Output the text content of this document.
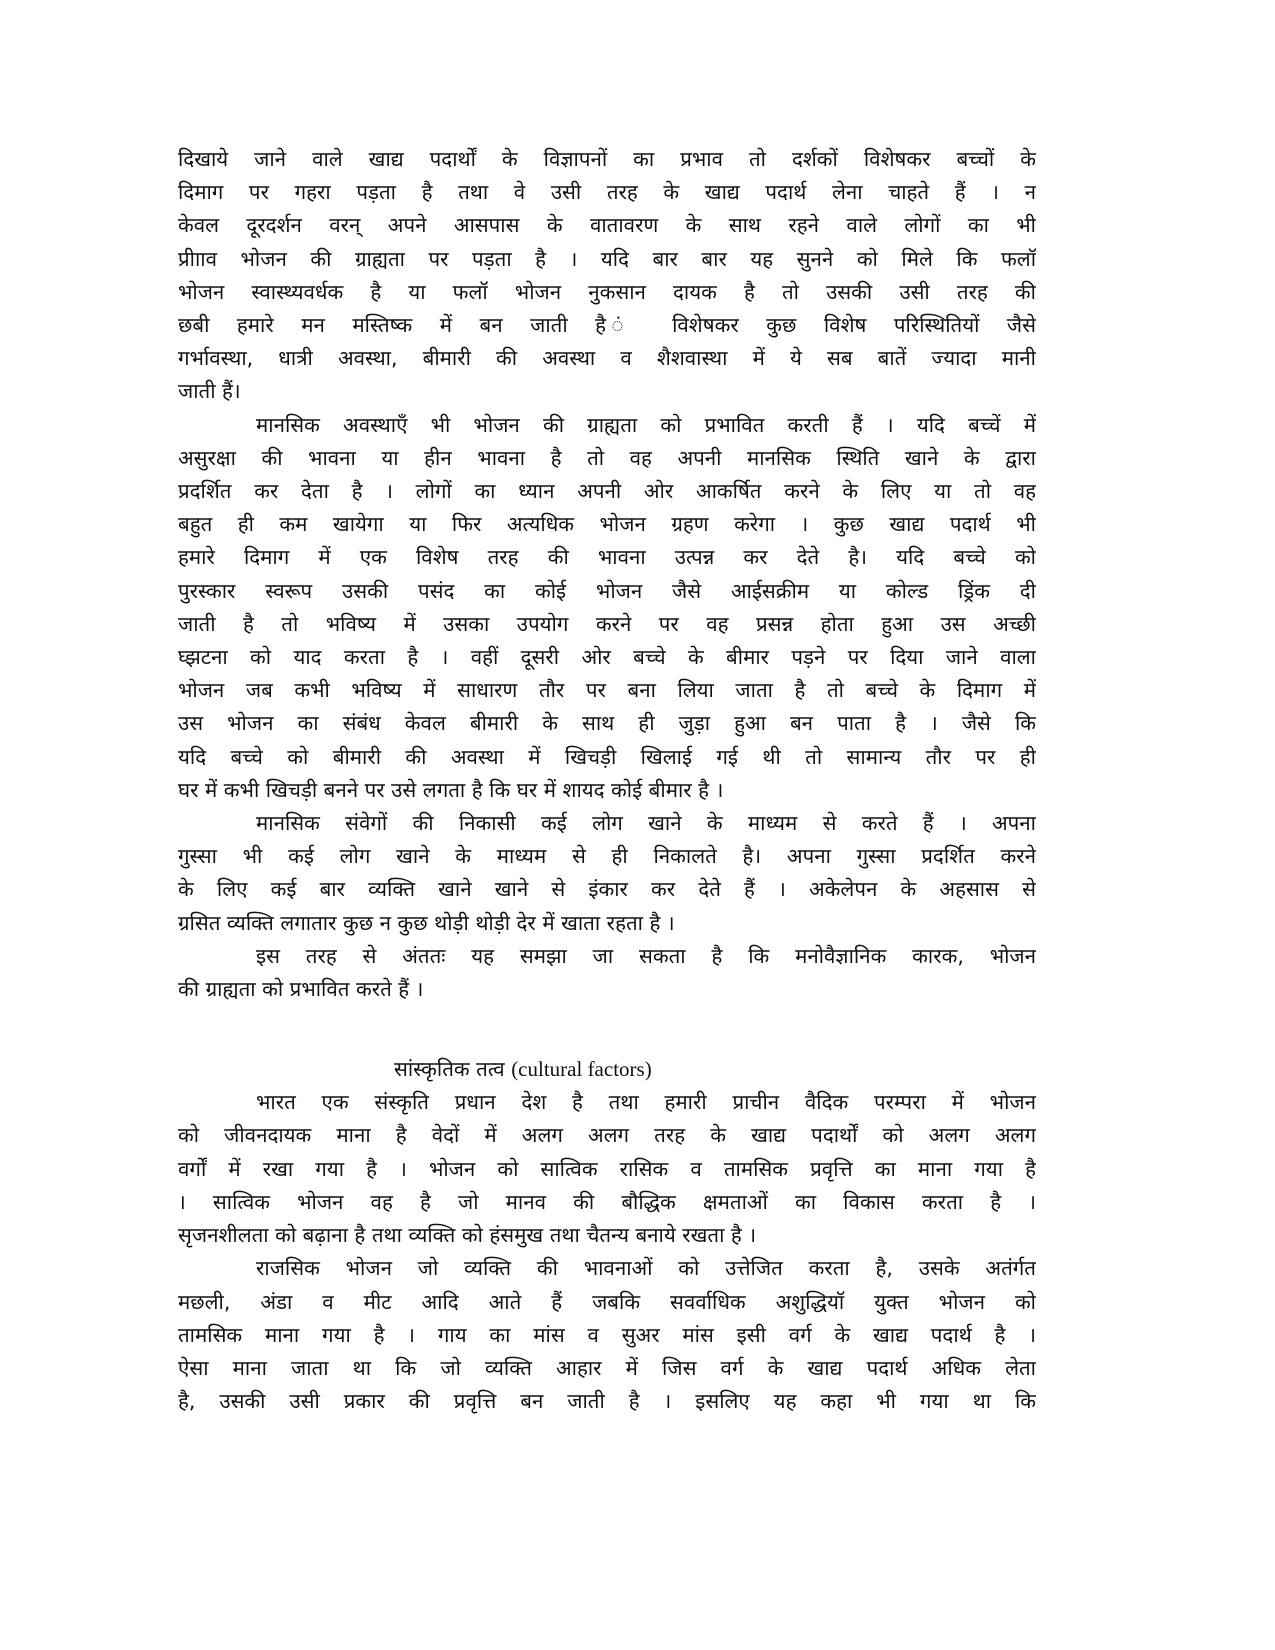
दिखाये जाने वाले खाद्य पदार्थों के विज्ञापनों का प्रभाव तो दर्शकों विशेषकर बच्चों के

दिमाग पर गहरा पड़ता है तथा वे उसी तरह के खाद्य पदार्थ लेना चाहते हैं । न

केवल दूरदर्शन वरन् अपने आसपास के वातावरण के साथ रहने वाले लोगों का भी

प्रीााव भोजन की ग्राह्यता पर पड़ता है । यदि बार बार यह सुनने को मिले कि फलॉ

भोजन स्वास्थ्यवर्धक है या फलॉ भोजन नुकसान दायक है तो उसकी उसी तरह की

छबी हमारे मन मस्तिष्क में बन जाती है ं विशेषकर कुछ विशेष परिस्थितियों जैसे

गर्भावस्था, धात्री अवस्था, बीमारी की अवस्था व शैशवास्था में ये सब बातें ज्यादा मानी

जाती हैं।

मानसिक अवस्थाएँ भी भोजन की ग्राह्यता को प्रभावित करती हैं । यदि बच्चें में

असुरक्षा की भावना या हीन भावना है तो वह अपनी मानसिक स्थिति खाने के द्वारा

प्रदर्शित कर देता है । लोगों का ध्यान अपनी ओर आकर्षित करने के लिए या तो वह

बहुत ही कम खायेगा या फिर अत्यधिक भोजन ग्रहण करेगा । कुछ खाद्य पदार्थ भी

हमारे दिमाग में एक विशेष तरह की भावना उत्पन्न कर देते है। यदि बच्चे को

पुरस्कार स्वरूप उसकी पसंद का कोई भोजन जैसे आईसक्रीम या कोल्ड ड्रिंक दी

जाती है तो भविष्य में उसका उपयोग करने पर वह प्रसन्न होता हुआ उस अच्छी

घ्झटना को याद करता है । वहीं दूसरी ओर बच्चे के बीमार पड़ने पर दिया जाने वाला

भोजन जब कभी भविष्य में साधारण तौर पर बना लिया जाता है तो बच्चे के दिमाग में

उस भोजन का संबंध केवल बीमारी के साथ ही जुड़ा हुआ बन पाता है । जैसे कि

यदि बच्चे को बीमारी की अवस्था में खिचड़ी खिलाई गई थी तो सामान्य तौर पर ही

घर में कभी खिचड़ी बनने पर उसे लगता है कि घर में शायद कोई बीमार है ।

मानसिक संवेगों की निकासी कई लोग खाने के माध्यम से करते हैं । अपना

गुस्सा भी कई लोग खाने के माध्यम से ही निकालते है। अपना गुस्सा प्रदर्शित करने

के लिए कई बार व्यक्ति खाने खाने से इंकार कर देते हैं । अकेलेपन के अहसास से

ग्रसित व्यक्ति लगातार कुछ न कुछ थोड़ी थोड़ी देर में खाता रहता है ।

इस तरह से अंततः यह समझा जा सकता है कि मनोवैज्ञानिक कारक, भोजन

की ग्राह्यता को प्रभावित करते हैं ।

सांस्कृतिक तत्व (cultural factors)

भारत एक संस्कृति प्रधान देश है तथा हमारी प्राचीन वैदिक परम्परा में भोजन

को जीवनदायक माना है वेदों में अलग अलग तरह के खाद्य पदार्थों को अलग अलग

वर्गों में रखा गया है । भोजन को सात्विक रासिक व तामसिक प्रवृत्ति का माना गया है

। सात्विक भोजन वह है जो मानव की बौद्धिक क्षमताओं का विकास करता है ।

सृजनशीलता को बढ़ाना है तथा व्यक्ति को हंसमुख तथा चैतन्य बनाये रखता है ।

राजसिक भोजन जो व्यक्ति की भावनाओं को उत्तेजित करता है, उसके अतंर्गत

मछली, अंडा व मीट आदि आते हैं जबकि सवर्वाधिक अशुद्धियॉ युक्त भोजन को

तामसिक माना गया है । गाय का मांस व सुअर मांस इसी वर्ग के खाद्य पदार्थ है ।

ऐसा माना जाता था कि जो व्यक्ति आहार में जिस वर्ग के खाद्य पदार्थ अधिक लेता

है, उसकी उसी प्रकार की प्रवृत्ति बन जाती है । इसलिए यह कहा भी गया था कि
